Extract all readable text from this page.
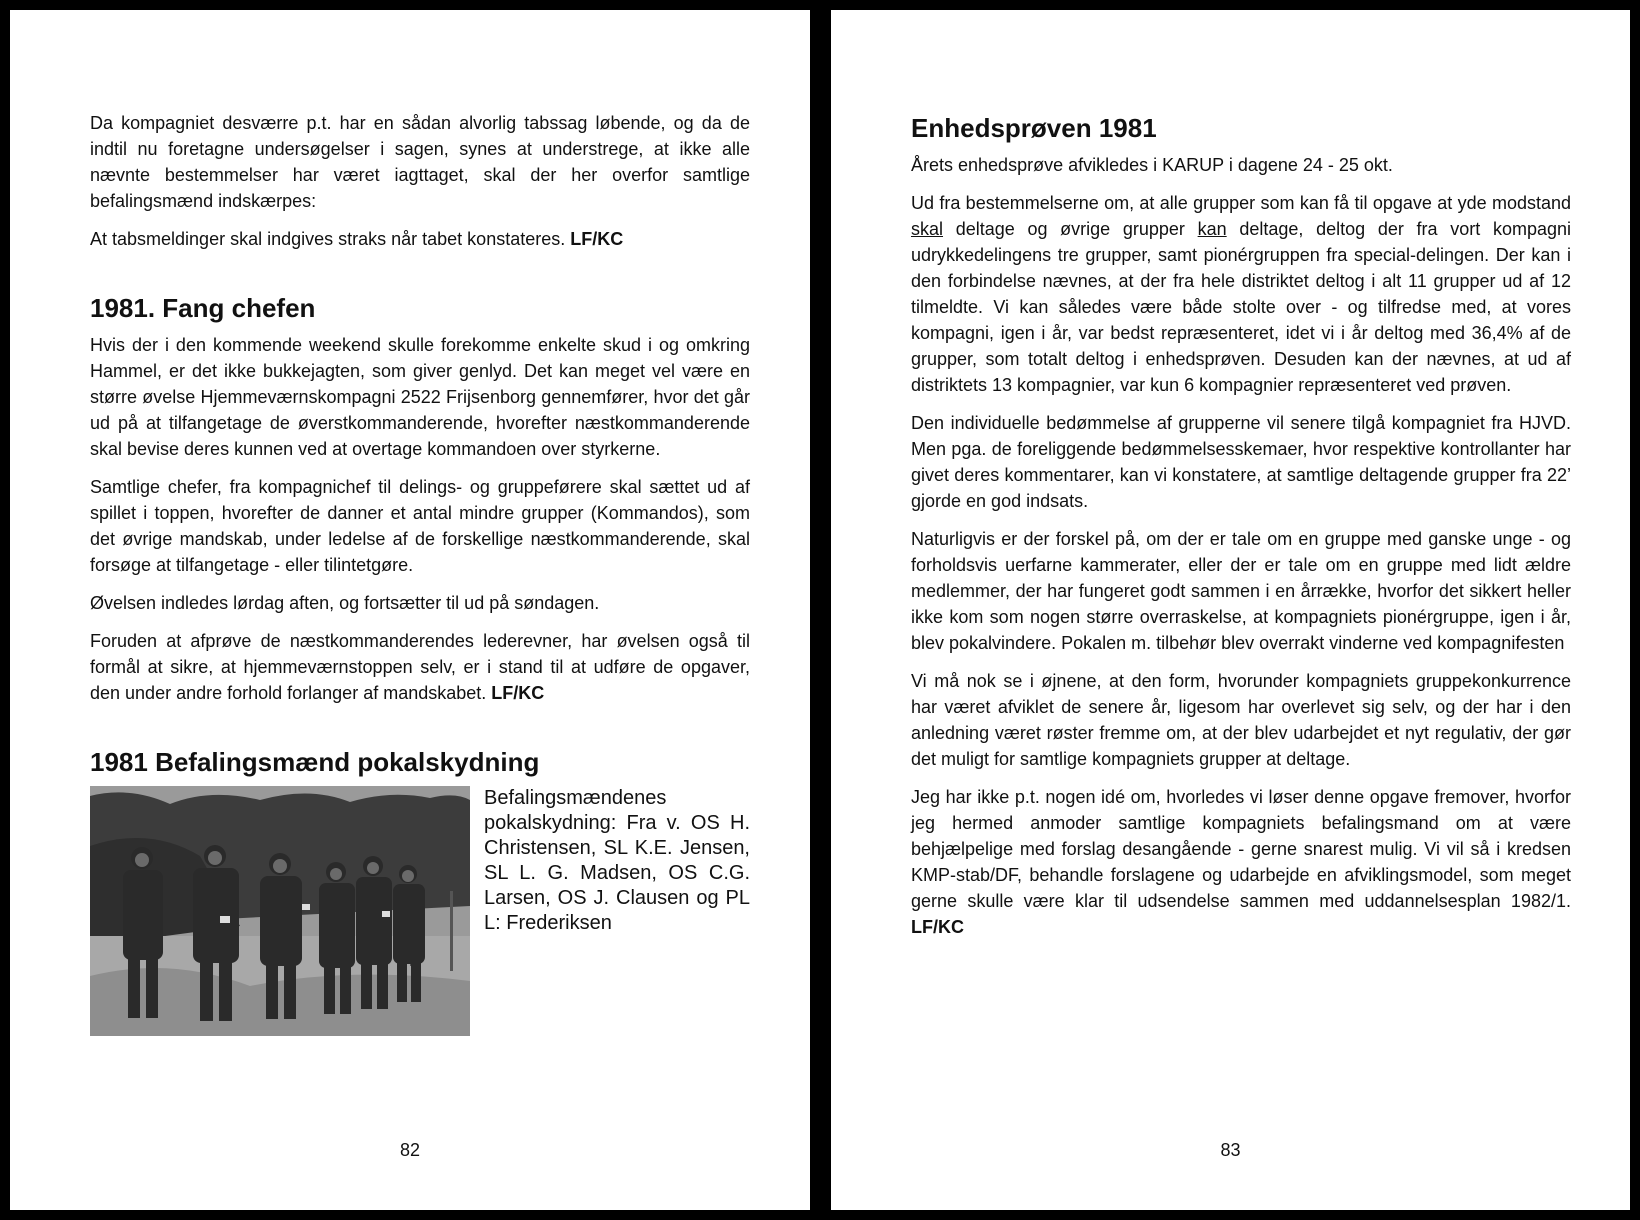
Da kompagniet desværre p.t. har en sådan alvorlig tabssag løbende, og da de indtil nu foretagne undersøgelser i sagen, synes at understrege, at ikke alle nævnte bestemmelser har været iagttaget, skal der her overfor samtlige befalingsmænd indskærpes:

At tabsmeldinger skal indgives straks når tabet konstateres. LF/KC

1981. Fang chefen

Hvis der i den kommende weekend skulle forekomme enkelte skud i og omkring Hammel, er det ikke bukkejagten, som giver genlyd. Det kan meget vel være en større øvelse Hjemmeværnskompagni 2522 Frijsenborg gennemfører, hvor det går ud på at tilfangetage de øverstkommanderende, hvorefter næstkommanderende skal bevise deres kunnen ved at overtage kommandoen over styrkerne.

Samtlige chefer, fra kompagnichef til delings- og gruppeførere skal sættet ud af spillet i toppen, hvorefter de danner et antal mindre grupper (Kommandos), som det øvrige mandskab, under ledelse af de forskellige næstkommanderende, skal forsøge at tilfangetage - eller tilintetgøre.

Øvelsen indledes lørdag aften, og fortsætter til ud på søndagen.

Foruden at afprøve de næstkommanderendes lederevner, har øvelsen også til formål at sikre, at hjemmeværnstoppen selv, er i stand til at udføre de opgaver, den under andre forhold forlanger af mandskabet. LF/KC

1981 Befalingsmænd pokalskydning

Befalingsmændenes pokalskydning: Fra v. OS H. Christensen, SL K.E. Jensen, SL L. G. Madsen, OS C.G. Larsen, OS J. Clausen og PL L: Frederiksen

82
Enhedsprøven 1981

Årets enhedsprøve afvikledes i KARUP i dagene 24 - 25 okt.

Ud fra bestemmelserne om, at alle grupper som kan få til opgave at yde modstand skal deltage og øvrige grupper kan deltage, deltog der fra vort kompagni udrykkedelingens tre grupper, samt pionérgruppen fra special-delingen. Der kan i den forbindelse nævnes, at der fra hele distriktet deltog i alt 11 grupper ud af 12 tilmeldte. Vi kan således være både stolte over - og tilfredse med, at vores kompagni, igen i år, var bedst repræsenteret, idet vi i år deltog med 36,4% af de grupper, som totalt deltog i enhedsprøven. Desuden kan der nævnes, at ud af distriktets 13 kompagnier, var kun 6 kompagnier repræsenteret ved prøven.

Den individuelle bedømmelse af grupperne vil senere tilgå kompagniet fra HJVD. Men pga. de foreliggende bedømmelsesskemaer, hvor respektive kontrollanter har givet deres kommentarer, kan vi konstatere, at samtlige deltagende grupper fra 22’ gjorde en god indsats.

Naturligvis er der forskel på, om der er tale om en gruppe med ganske unge - og forholdsvis uerfarne kammerater, eller der er tale om en gruppe med lidt ældre medlemmer, der har fungeret godt sammen i en årrække, hvorfor det sikkert heller ikke kom som nogen større overraskelse, at kompagniets pionérgruppe, igen i år, blev pokalvindere. Pokalen m. tilbehør blev overrakt vinderne ved kompagnifesten

Vi må nok se i øjnene, at den form, hvorunder kompagniets gruppekonkurrence har været afviklet de senere år, ligesom har overlevet sig selv, og der har i den anledning været røster fremme om, at der blev udarbejdet et nyt regulativ, der gør det muligt for samtlige kompagniets grupper at deltage.

Jeg har ikke p.t. nogen idé om, hvorledes vi løser denne opgave fremover, hvorfor jeg hermed anmoder samtlige kompagniets befalingsmand om at være behjælpelige med forslag desangående - gerne snarest mulig. Vi vil så i kredsen KMP-stab/DF, behandle forslagene og udarbejde en afviklingsmodel, som meget gerne skulle være klar til udsendelse sammen med uddannelsesplan 1982/1. LF/KC

83
